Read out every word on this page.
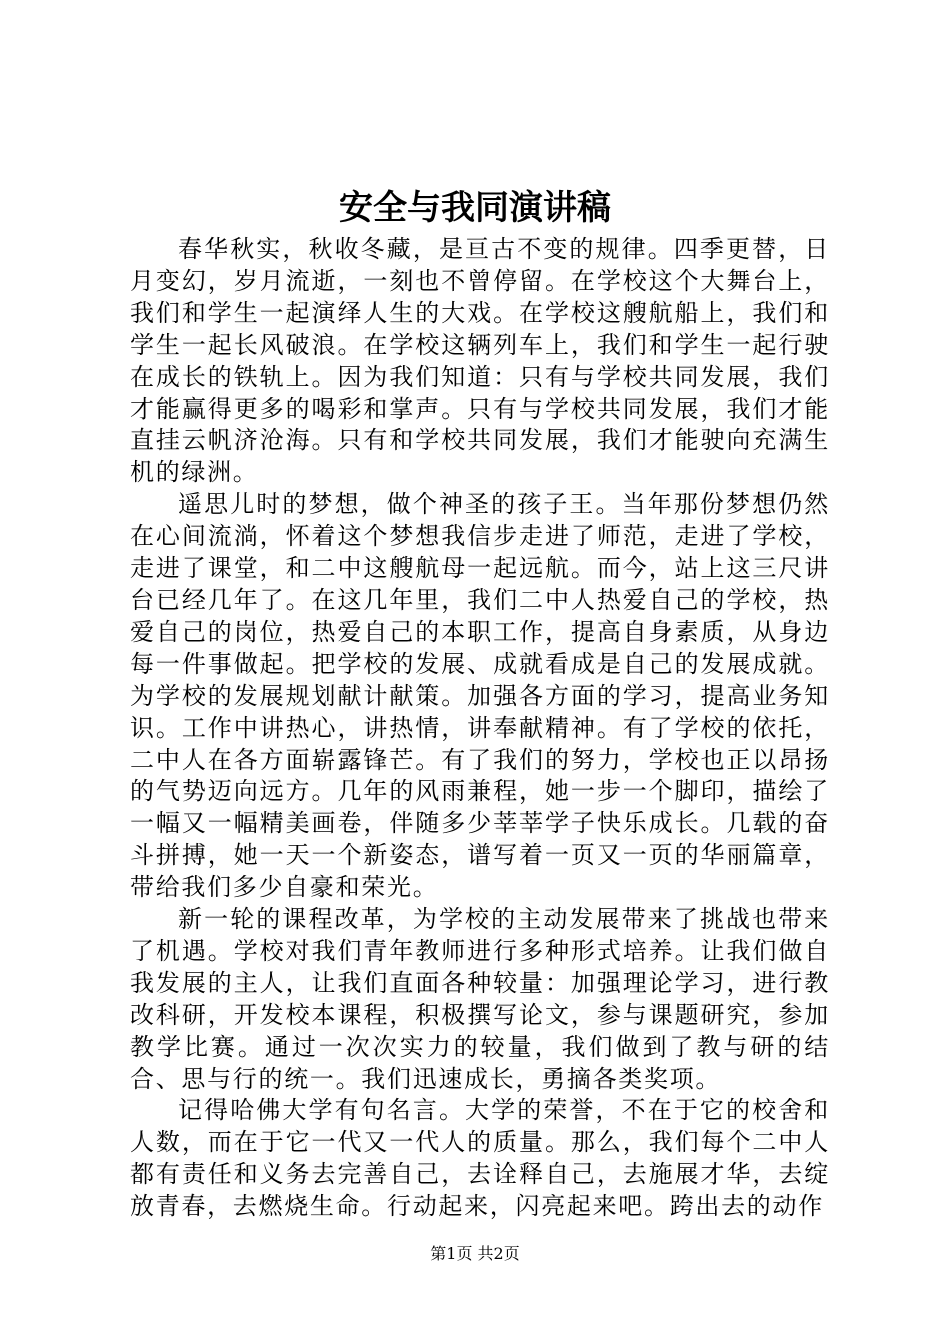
安全与我同演讲稿

春华秋实，秋收冬藏，是亘古不变的规律。四季更替，日月变幻，岁月流逝，一刻也不曾停留。在学校这个大舞台上，我们和学生一起演绎人生的大戏。在学校这艘航船上，我们和学生一起长风破浪。在学校这辆列车上，我们和学生一起行驶在成长的铁轨上。因为我们知道：只有与学校共同发展，我们才能赢得更多的喝彩和掌声。只有与学校共同发展，我们才能直挂云帆济沧海。只有和学校共同发展，我们才能驶向充满生机的绿洲。

遥思儿时的梦想，做个神圣的孩子王。当年那份梦想仍然在心间流淌，怀着这个梦想我信步走进了师范，走进了学校，走进了课堂，和二中这艘航母一起远航。而今，站上这三尺讲台已经几年了。在这几年里，我们二中人热爱自己的学校，热爱自己的岗位，热爱自己的本职工作，提高自身素质，从身边每一件事做起。把学校的发展、成就看成是自己的发展成就。为学校的发展规划献计献策。加强各方面的学习，提高业务知识。工作中讲热心，讲热情，讲奉献精神。有了学校的依托，二中人在各方面崭露锋芒。有了我们的努力，学校也正以昂扬的气势迈向远方。几年的风雨兼程，她一步一个脚印，描绘了一幅又一幅精美画卷，伴随多少莘莘学子快乐成长。几载的奋斗拼搏，她一天一个新姿态，谱写着一页又一页的华丽篇章，带给我们多少自豪和荣光。

新一轮的课程改革，为学校的主动发展带来了挑战也带来了机遇。学校对我们青年教师进行多种形式培养。让我们做自我发展的主人，让我们直面各种较量：加强理论学习，进行教改科研，开发校本课程，积极撰写论文，参与课题研究，参加教学比赛。通过一次次实力的较量，我们做到了教与研的结合、思与行的统一。我们迅速成长，勇摘各类奖项。

记得哈佛大学有句名言。大学的荣誉，不在于它的校舍和人数，而在于它一代又一代人的质量。那么，我们每个二中人都有责任和义务去完善自己，去诠释自己，去施展才华，去绽放青春，去燃烧生命。行动起来，闪亮起来吧。跨出去的动作

第1页 共2页
